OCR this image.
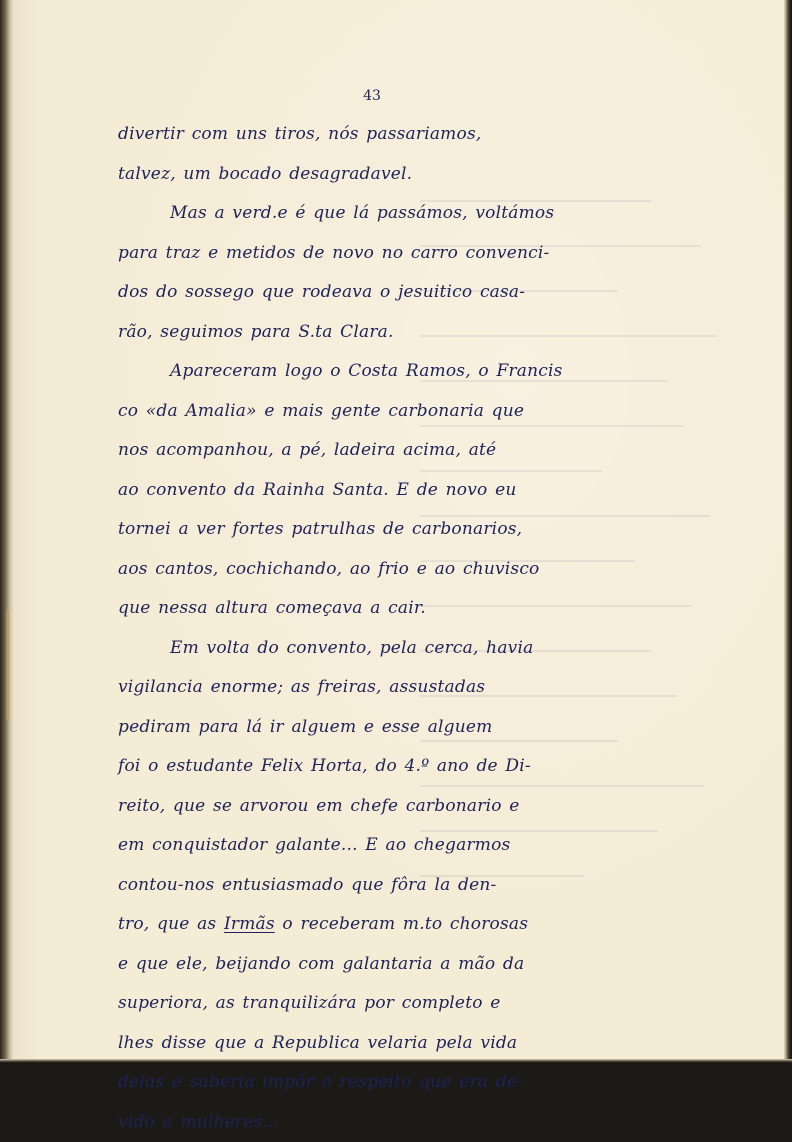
43
divertir com uns tiros, nós passariamos,
talvez, um bocado desagradavel.
Mas a verd.e é que lá passámos, voltámos
para traz e metidos de novo no carro convenci-
dos do sossego que rodeava o jesuitico casa-
rão, seguimos para S.ta Clara.
Apareceram logo o Costa Ramos, o Francis
co «da Amalia» e mais gente carbonaria que
nos acompanhou, a pé, ladeira acima, até
ao convento da Rainha Santa. E de novo eu
tornei a ver fortes patrulhas de carbonarios,
aos cantos, cochichando, ao frio e ao chuvisco
que nessa altura começava a cair.
Em volta do convento, pela cerca, havia
vigilancia enorme; as freiras, assustadas
pediram para lá ir alguem e esse alguem
foi o estudante Felix Horta, do 4.º ano de Di-
reito, que se arvorou em chefe carbonario e
em conquistador galante... E ao chegarmos
contou-nos entusiasmado que fôra la den-
tro, que as Irmãs o receberam m.to chorosas
e que ele, beijando com galantaria a mão da
superiora, as tranquilizára por completo e
lhes disse que a Republica velaria pela vida
delas e saberia impôr o respeito que era de-
vido a mulheres...
